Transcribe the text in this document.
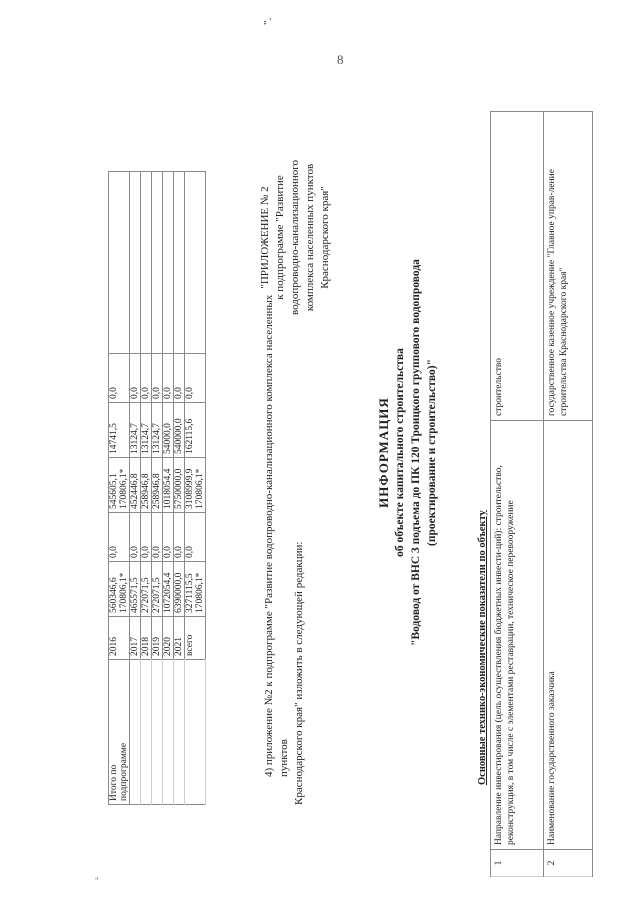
8
"
Итого по подпрограмме	2016	560346,6 170806,1*	0,0	545605,1 170806,1*	14741,5	0,0	

	2017	465571,5	0,0	452446,8	13124,7	0,0	

	2018	272071,5	0,0	258946,8	13124,7	0,0	

	2019	272071,5	0,0	258946,8	13124,7	0,0	

	2020	1072054,4	0,0	1018054,4	54000,0	0,0	

	2021	6390000,0	0,0	5750000,0	540000,0	0,0	

	всего	3271115,5 170806,1*	0,0	3108999,9 170806,1*	162115,6	0,0	
		4) приложение №2 к подпрограмме "Развитие водопроводно-канализационного комплекса населенных пунктов Краснодарского края" изложить в следующей редакции:
".
"ПРИЛОЖЕНИЕ № 2 к подпрограмме "Развитие водопроводно-канализационного комплекса населенных пунктов Краснодарского края"
ИНФОРМАЦИЯ об объекте капитального строительства "Водовод от ВНС 3 подъема до ПК 120 Троицкого группового водопровода (проектирование и строительство)"
Основные технико-экономические показатели по объекту
1	Направление инвестирования (цель осуществления бюджетных инвести-ций): строительство, реконструкция, в том числе с элементами реставрации, техническое перевооружение	строительство
2	Наименование государственного заказчика	государственное казенное учреждение "Главное управ-ление строительства Краснодарского края"
